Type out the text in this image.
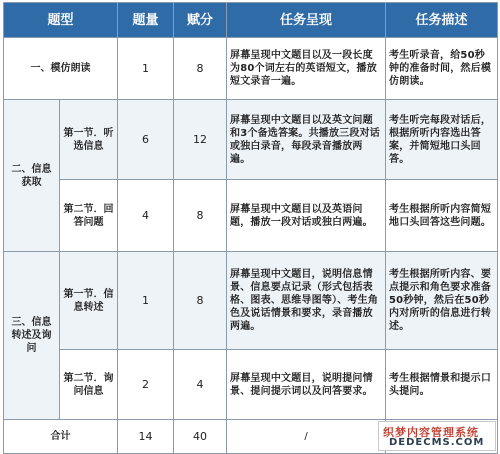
题型		题量	赋分	任务呈现	任务描述
一、模仿朗读		1	8	屏幕呈现中文题目以及一段长度为80个词左右的英语短文，播放短文录音一遍。	考生听录音，给50秒钟的准备时间，然后模仿朗读。
二、信息获取	第一节．听选信息	6	12	屏幕呈现中文题目以及英文问题和3个备选答案。共播放三段对话或独白录音，每段录音播放两遍。	考生听完每段对话后，根据所听内容选出答案，并简短地口头回答。
	第二节．回答问题	4	8	屏幕呈现中文题目以及英语问题，播放一段对话或独白两遍。	考生根据所听内容简短地口头回答这些问题。
三、信息转述及询问	第一节．信息转述	1	8	屏幕呈现中文题目，说明信息情景、信息要点记录（形式包括表格、图表、思维导图等）、考生角色及说话情景和要求，录音播放两遍。	考生根据所听内容、要点提示和角色要求准备50秒钟，然后在50秒内对所听的信息进行转述。
	第二节．询问信息	2	4	屏幕呈现中文题目，说明提问情景、提问提示词以及问答要求。	考生根据情景和提示口头提问。
合计		14	40	/		织梦内容管理系统
DEDECMS.COM
